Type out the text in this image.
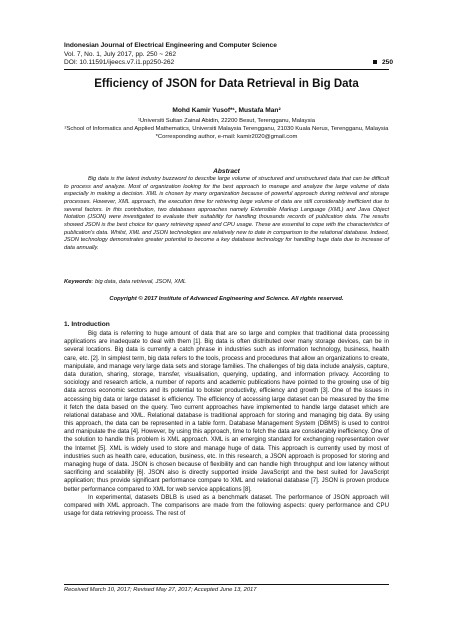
Indonesian Journal of Electrical Engineering and Computer Science
Vol. 7, No. 1, July 2017, pp. 250 ~ 262
DOI: 10.11591/ijeecs.v7.i1.pp250-262	250
Efficiency of JSON for Data Retrieval in Big Data
Mohd Kamir Yusof*¹, Mustafa Man²
¹Universiti Sultan Zainal Abidin, 22200 Besut, Terengganu, Malaysia
²School of Informatics and Applied Mathematics, Universiti Malaysia Terengganu, 21030 Kuala Nerus, Terengganu, Malaysia
*Corresponding author, e-mail: kamir2020@gmail.com
Abstract

Big data is the latest industry buzzword to describe large volume of structured and unstructured data that can be difficult to process and analyze. Most of organization looking for the best approach to manage and analyze the large volume of data especially in making a decision. XML is chosen by many organization because of powerful approach during retrieval and storage processes. However, XML approach, the execution time for retrieving large volume of data are still considerably inefficient due to several factors. In this contribution, two databases approaches namely Extensible Markup Language (XML) and Java Object Notation (JSON) were investigated to evaluate their suitability for handling thousands records of publication data. The results showed JSON is the best choice for query retrieving speed and CPU usage. These are essential to cope with the characteristics of publication's data. Whilst, XML and JSON technologies are relatively new to date in comparison to the relational database. Indeed, JSON technology demonstrates greater potential to become a key database technology for handling huge data due to increase of data annually.

Keywords: big data, data retrieval, JSON, XML
Copyright © 2017 Institute of Advanced Engineering and Science. All rights reserved.
1. Introduction

Big data is referring to huge amount of data that are so large and complex that traditional data processing applications are inadequate to deal with them [1]. Big data is often distributed over many storage devices, can be in several locations. Big data is currently a catch phrase in industries such as information technology, business, health care, etc. [2]. In simplest term, big data refers to the tools, process and procedures that allow an organizations to create, manipulate, and manage very large data sets and storage families. The challenges of big data include analysis, capture, data duration, sharing, storage, transfer, visualisation, querying, updating, and information privacy. According to sociology and research article, a number of reports and academic publications have pointed to the growing use of big data across economic sectors and its potential to bolster productivity, efficiency and growth [3]. One of the issues in accessing big data or large dataset is efficiency. The efficiency of accessing large dataset can be measured by the time it fetch the data based on the query. Two current approaches have implemented to handle large dataset which are relational database and XML. Relational database is traditional approach for storing and managing big data. By using this approach, the data can be represented in a table form. Database Management System (DBMS) is used to control and manipulate the data [4]. However, by using this approach, time to fetch the data are considerably inefficiency. One of the solution to handle this problem is XML approach. XML is an emerging standard for exchanging representation over the Internet [5]. XML is widely used to store and manage huge of data. This approach is currently used by most of industries such as health care, education, business, etc. In this research, a JSON approach is proposed for storing and managing huge of data. JSON is chosen because of flexibility and can handle high throughput and low latency without sacrificing and scalability [6]. JSON also is directly supported inside JavaScript and the best suited for JavaScript application; thus provide significant performance compare to XML and relational database [7]. JSON is proven produce better performance compared to XML for web service applications [8].

In experimental, datasets DBLB is used as a benchmark dataset. The performance of JSON approach will compared with XML approach. The comparisons are made from the following aspects: query performance and CPU usage for data retrieving process. The rest of

Received March 10, 2017; Revised May 27, 2017; Accepted June 13, 2017
